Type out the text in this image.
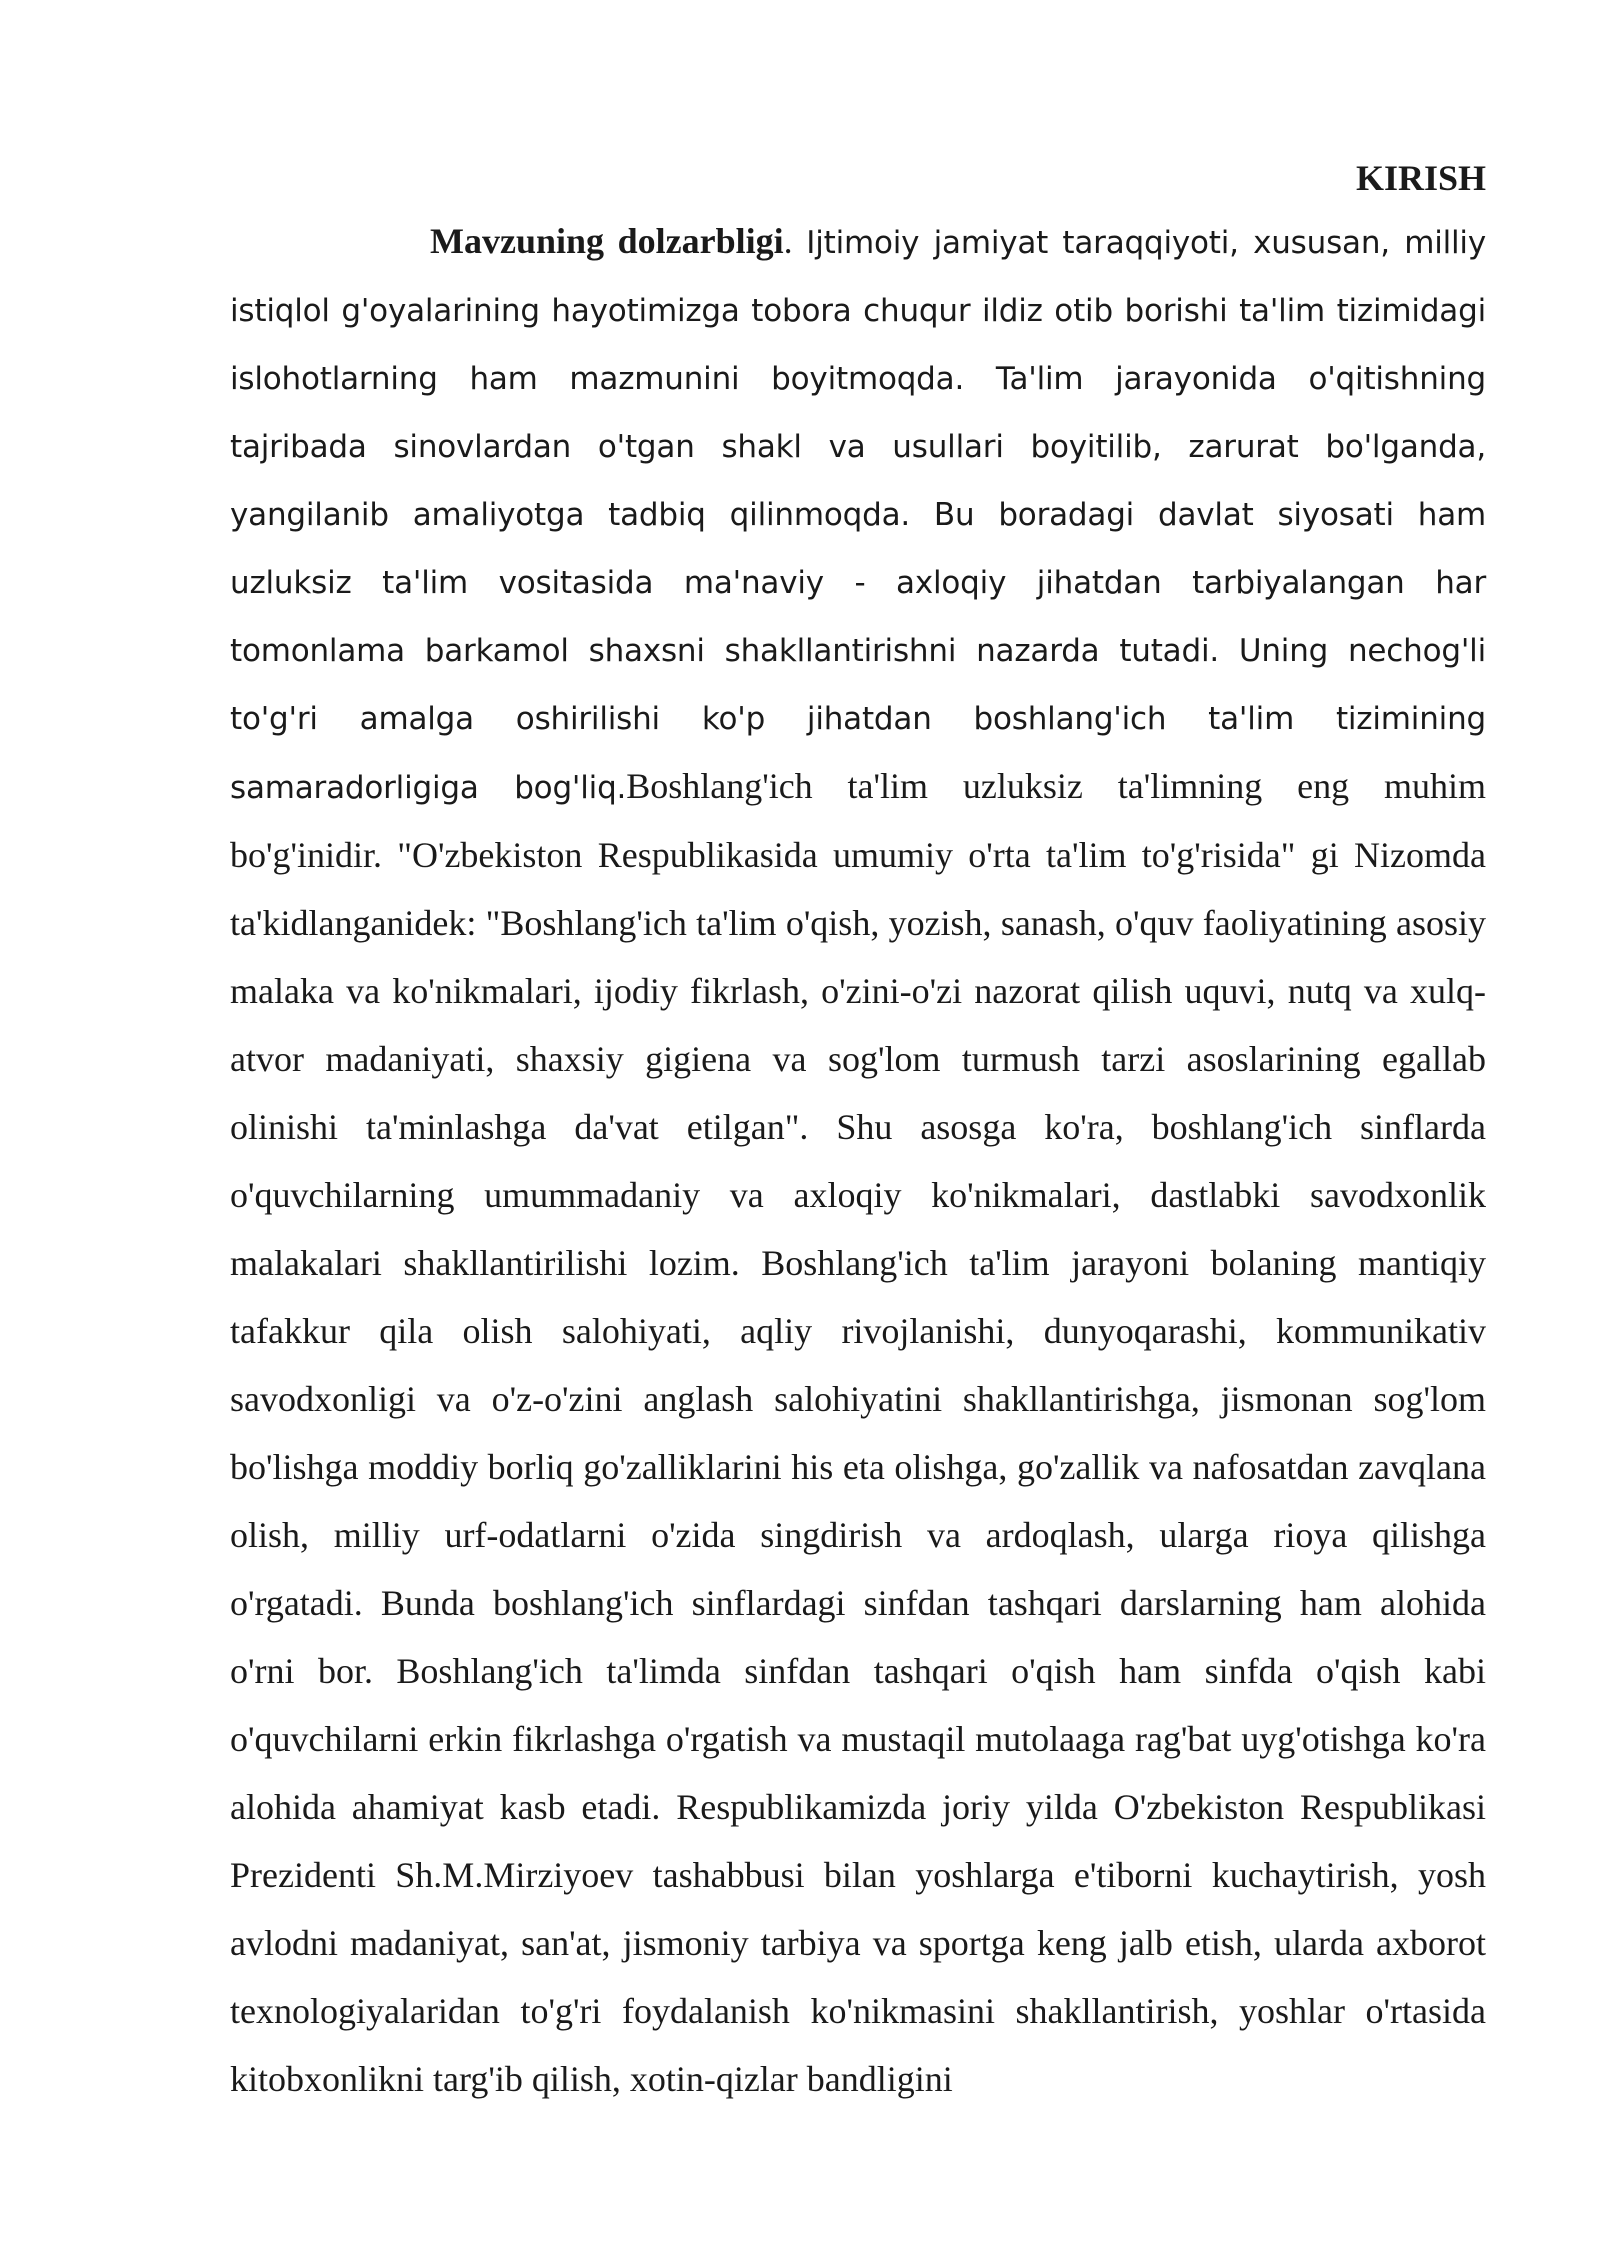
KIRISH

Mavzuning dolzarbligi. Ijtimoiy jamiyat taraqqiyoti, xususan, milliy istiqlol g'oyalarining hayotimizga tobora chuqur ildiz otib borishi ta'lim tizimidagi islohotlarning ham mazmunini boyitmoqda. Ta'lim jarayonida o'qitishning tajribada sinovlardan o'tgan shakl va usullari boyitilib, zarurat bo'lganda, yangilanib amaliyotga tadbiq qilinmoqda. Bu boradagi davlat siyosati ham uzluksiz ta'lim vositasida ma'naviy - axloqiy jihatdan tarbiyalangan har tomonlama barkamol shaxsni shakllantirishni nazarda tutadi. Uning nechog'li to'g'ri amalga oshirilishi ko'p jihatdan boshlang'ich ta'lim tizimining samaradorligiga bog'liq.Boshlang'ich ta'lim uzluksiz ta'limning eng muhim bo'g'inidir. "O'zbekiston Respublikasida umumiy o'rta ta'lim to'g'risida" gi Nizomda ta'kidlanganidek: "Boshlang'ich ta'lim o'qish, yozish, sanash, o'quv faoliyatining asosiy malaka va ko'nikmalari, ijodiy fikrlash, o'zini-o'zi nazorat qilish uquvi, nutq va xulq-atvor madaniyati, shaxsiy gigiena va sog'lom turmush tarzi asoslarining egallab olinishi ta'minlashga da'vat etilgan". Shu asosga ko'ra, boshlang'ich sinflarda o'quvchilarning umummadaniy va axloqiy ko'nikmalari, dastlabki savodxonlik malakalari shakllantirilishi lozim. Boshlang'ich ta'lim jarayoni bolaning mantiqiy tafakkur qila olish salohiyati, aqliy rivojlanishi, dunyoqarashi, kommunikativ savodxonligi va o'z-o'zini anglash salohiyatini shakllantirishga, jismonan sog'lom bo'lishga moddiy borliq go'zalliklarini his eta olishga, go'zallik va nafosatdan zavqlana olish, milliy urf-odatlarni o'zida singdirish va ardoqlash, ularga rioya qilishga o'rgatadi. Bunda boshlang'ich sinflardagi sinfdan tashqari darslarning ham alohida o'rni bor. Boshlang'ich ta'limda sinfdan tashqari o'qish ham sinfda o'qish kabi o'quvchilarni erkin fikrlashga o'rgatish va mustaqil mutolaaga rag'bat uyg'otishga ko'ra alohida ahamiyat kasb etadi. Respublikamizda joriy yilda O'zbekiston Respublikasi Prezidenti Sh.M.Mirziyoev tashabbusi bilan yoshlarga e'tiborni kuchaytirish, yosh avlodni madaniyat, san'at, jismoniy tarbiya va sportga keng jalb etish, ularda axborot texnologiyalaridan to'g'ri foydalanish ko'nikmasini shakllantirish, yoshlar o'rtasida kitobxonlikni targ'ib qilish, xotin-qizlar bandligini
